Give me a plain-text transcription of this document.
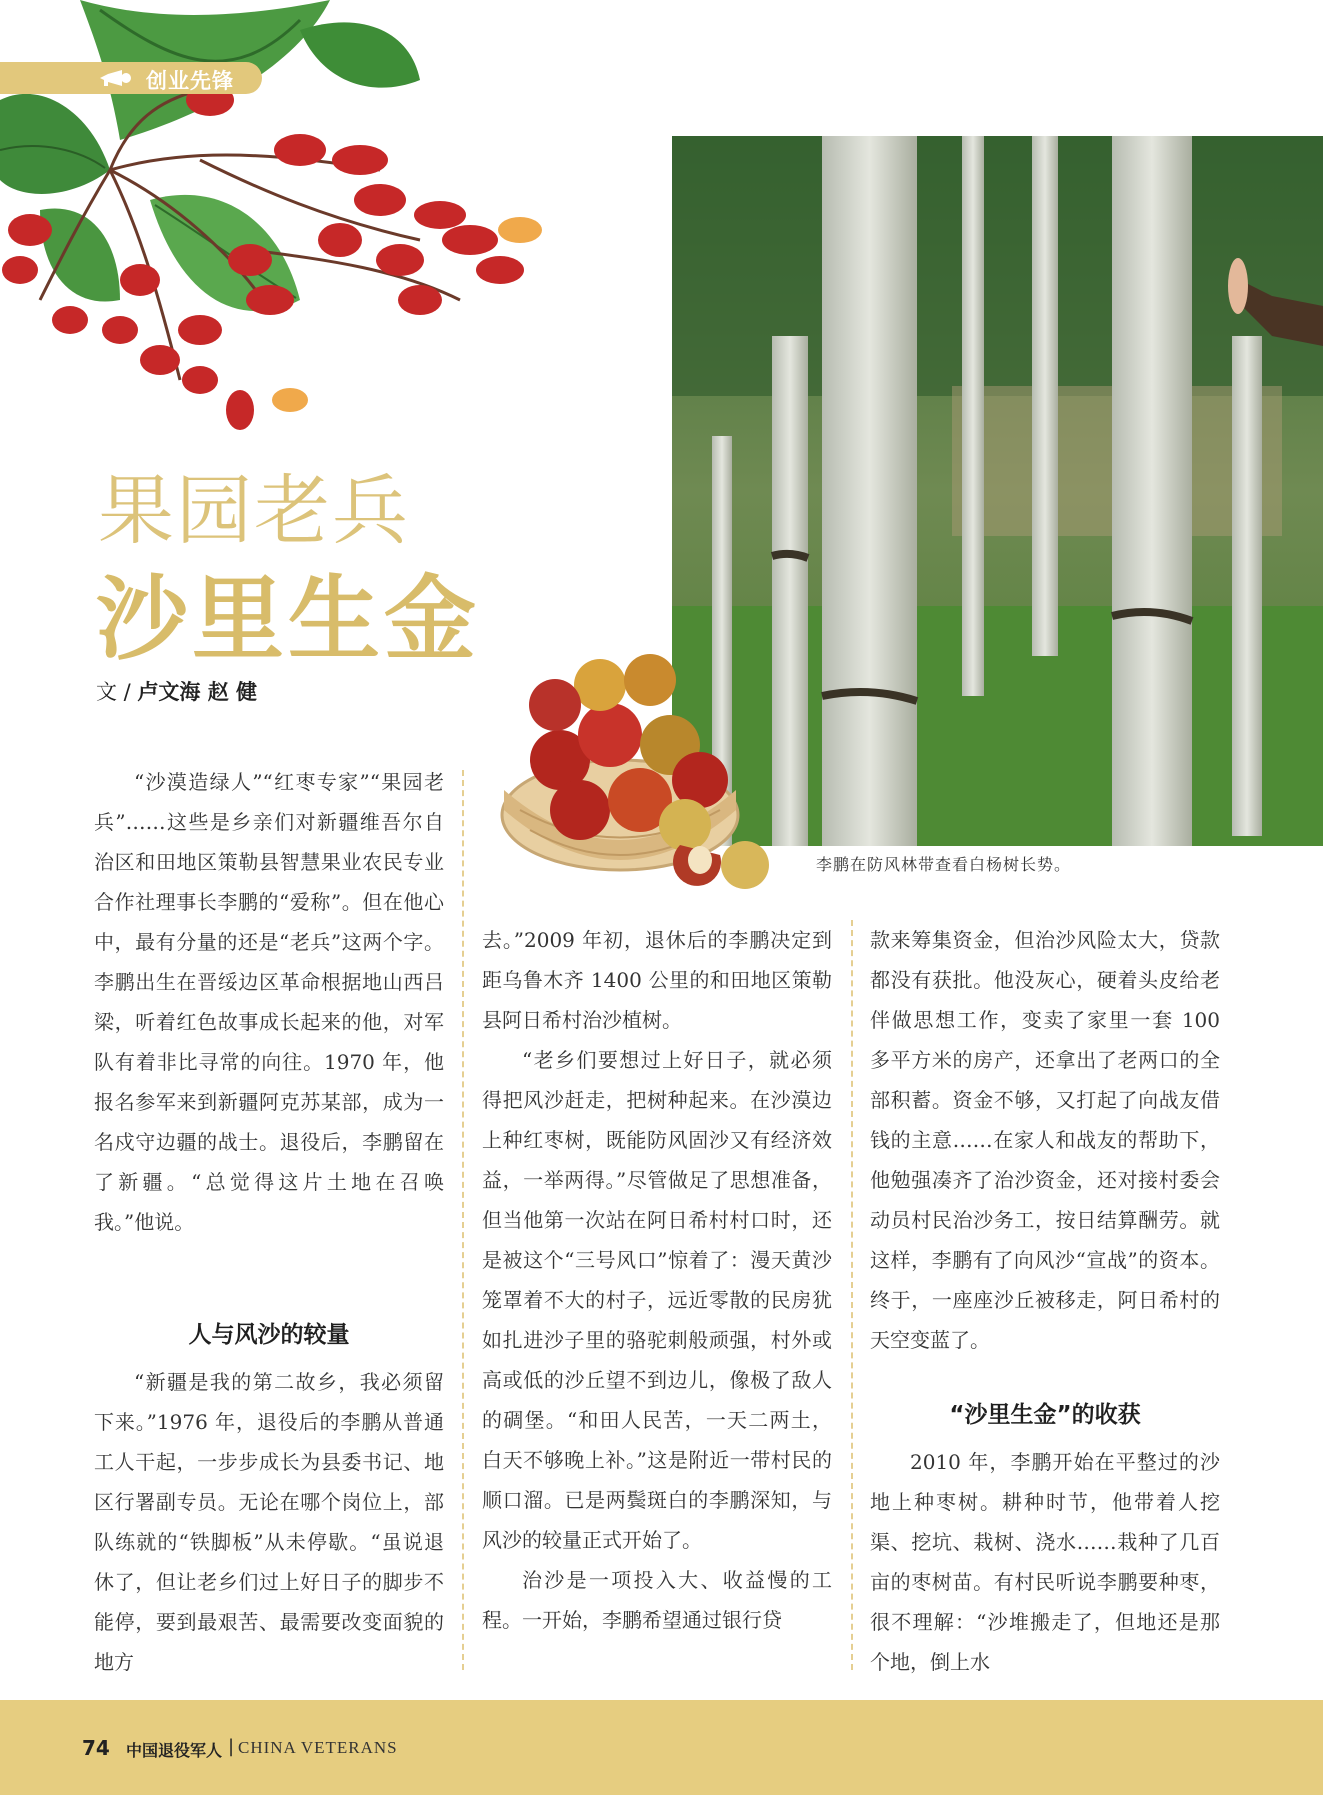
创业先锋
果园老兵
沙里生金
文 / 卢文海 赵 健
李鹏在防风林带查看白杨树长势。

“沙漠造绿人”“红枣专家”“果园老兵”……这些是乡亲们对新疆维吾尔自治区和田地区策勒县智慧果业农民专业合作社理事长李鹏的“爱称”。但在他心中，最有分量的还是“老兵”这两个字。李鹏出生在晋绥边区革命根据地山西吕梁，听着红色故事成长起来的他，对军队有着非比寻常的向往。1970 年，他报名参军来到新疆阿克苏某部，成为一名戍守边疆的战士。退役后，李鹏留在了新疆。“总觉得这片土地在召唤我。”他说。

人与风沙的较量

“新疆是我的第二故乡，我必须留下来。”1976 年，退役后的李鹏从普通工人干起，一步步成长为县委书记、地区行署副专员。无论在哪个岗位上，部队练就的“铁脚板”从未停歇。“虽说退休了，但让老乡们过上好日子的脚步不能停，要到最艰苦、最需要改变面貌的地方

去。”2009 年初，退休后的李鹏决定到距乌鲁木齐 1400 公里的和田地区策勒县阿日希村治沙植树。

“老乡们要想过上好日子，就必须得把风沙赶走，把树种起来。在沙漠边上种红枣树，既能防风固沙又有经济效益，一举两得。”尽管做足了思想准备，但当他第一次站在阿日希村村口时，还是被这个“三号风口”惊着了：漫天黄沙笼罩着不大的村子，远近零散的民房犹如扎进沙子里的骆驼刺般顽强，村外或高或低的沙丘望不到边儿，像极了敌人的碉堡。“和田人民苦，一天二两土，白天不够晚上补。”这是附近一带村民的顺口溜。已是两鬓斑白的李鹏深知，与风沙的较量正式开始了。

治沙是一项投入大、收益慢的工程。一开始，李鹏希望通过银行贷

款来筹集资金，但治沙风险太大，贷款都没有获批。他没灰心，硬着头皮给老伴做思想工作，变卖了家里一套 100 多平方米的房产，还拿出了老两口的全部积蓄。资金不够，又打起了向战友借钱的主意……在家人和战友的帮助下，他勉强凑齐了治沙资金，还对接村委会动员村民治沙务工，按日结算酬劳。就这样，李鹏有了向风沙“宣战”的资本。终于，一座座沙丘被移走，阿日希村的天空变蓝了。

“沙里生金”的收获

2010 年，李鹏开始在平整过的沙地上种枣树。耕种时节，他带着人挖渠、挖坑、栽树、浇水……栽种了几百亩的枣树苗。有村民听说李鹏要种枣，很不理解：“沙堆搬走了，但地还是那个地，倒上水

74 中国退役军人 | CHINA VETERANS
